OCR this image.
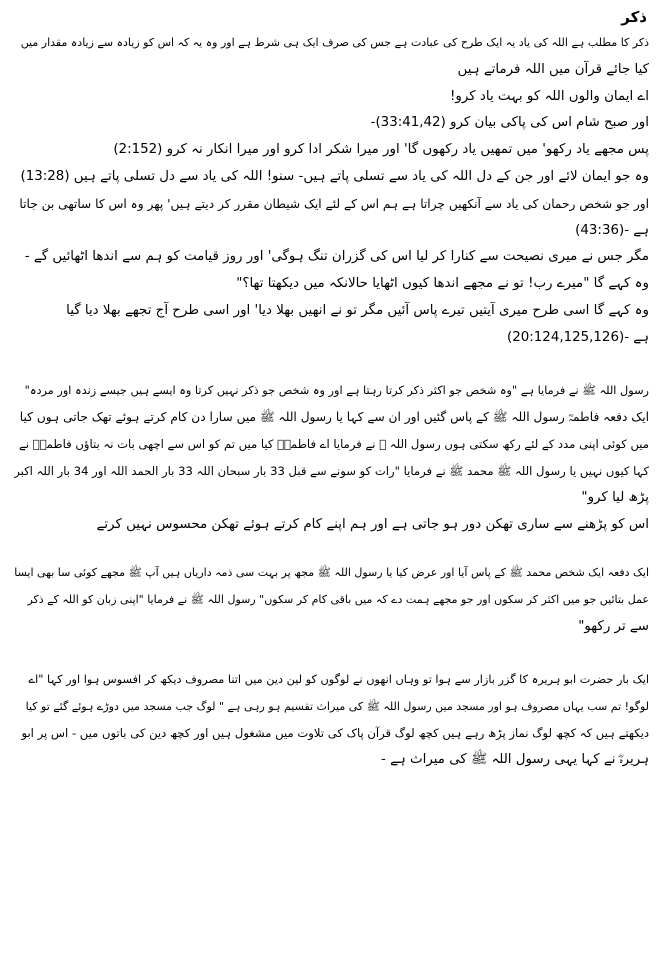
ذکر
ذکر کا مطلب ہے اللہ کی یاد یہ ایک طرح کی عبادت ہے جس کی صرف ایک ہی شرط ہے اور وہ یہ کہ اس کو زیادہ سے زیادہ مقدار میں
کیا جائے قرآن میں اللہ فرماتے ہیں
اے ایمان والوں اللہ کو بہت یاد کرو!
اور صبح شام اس کی پاکی بیان کرو (33:41,42)-
پس مجھے یاد رکھو' میں تمھیں یاد رکھوں گا' اور میرا شکر ادا کرو اور میرا انکار نہ کرو (2:152)
وہ جو ایمان لائے اور جن کے دل اللہ کی یاد سے تسلی پاتے ہیں- سنو! اللہ کی یاد سے دل تسلی پاتے ہیں (13:28)
اور جو شخص رحمان کی یاد سے آنکھیں چراتا ہے ہم اس کے لئے ایک شیطان مقرر کر دیتے ہیں' پھر وہ اس کا ساتھی بن جاتا
ہے -(43:36)
مگر جس نے میری نصیحت سے کنارا کر لیا اس کی گزران تنگ ہوگی' اور روز قیامت کو ہم سے اندھا اٹھائیں گے -
وہ کہے گا "میرے رب! تو نے مجھے اندھا کیوں اٹھایا حالانکہ میں دیکھتا تھا؟"
وہ کہے گا اسی طرح میری آیتیں تیرے پاس آئیں مگر تو نے انھیں بھلا دیا' اور اسی طرح آج تجھے بھلا دیا گیا
ہے -(20:124,125,126)
رسول اللہ ﷺ نے فرمایا ہے "وہ شخص جو اکثر ذکر کرتا رہتا ہے اور وہ شخص جو ذکر نہیں کرتا وہ ایسے ہیں جیسے زندہ اور مردہ"
ایک دفعہ فاطمہؓ رسول اللہ ﷺ کے پاس گئیں اور ان سے کہا یا رسول اللہ ﷺ میں سارا دن کام کرتے ہوئے تھک جاتی ہوں کیا
میں کوئی اپنی مدد کے لئے رکھ سکتی ہوں رسول اللہ ﷺ نے فرمایا اے فاطمہؓ کیا میں تم کو اس سے اچھی بات نہ بتاؤں فاطمہؓ نے
کہا کیوں نہیں یا رسول اللہ ﷺ محمد ﷺ نے فرمایا "رات کو سونے سے قبل 33 بار سبحان اللہ 33 بار الحمد اللہ اور 34 بار اللہ اکبر
پڑھ لیا کرو"
اس کو پڑھنے سے ساری تھکن دور ہو جاتی ہے اور ہم اپنے کام کرتے ہوئے تھکن محسوس نہیں کرتے
ایک دفعہ ایک شخص محمد ﷺ کے پاس آیا اور عرض کیا یا رسول اللہ ﷺ مجھ پر بہت سی ذمہ داریاں ہیں آپ ﷺ مجھے کوئی سا بھی ایسا
عمل بتائیں جو میں اکثر کر سکوں اور جو مجھے ہمت دے کہ میں باقی کام کر سکوں" رسول اللہ ﷺ نے فرمایا "اپنی زبان کو اللہ کے ذکر
سے تر رکھو"
ایک بار حضرت ابو ہریرہ کا گزر بازار سے ہوا تو وہاں انھوں نے لوگوں کو لین دین میں اتنا مصروف دیکھ کر افسوس ہوا اور کہا "اے
لوگو! تم سب یہاں مصروف ہو اور مسجد میں رسول اللہ ﷺ کی میراث تقسیم ہو رہی ہے " لوگ جب مسجد میں دوڑے ہوئے گئے تو کیا
دیکھتے ہیں کہ کچھ لوگ نماز پڑھ رہے ہیں کچھ لوگ قرآن پاک کی تلاوت میں مشغول ہیں اور کچھ دین کی باتوں میں - اس پر ابو
ہریرہؓ نے کہا یہی رسول اللہ ﷺ کی میراث ہے -
